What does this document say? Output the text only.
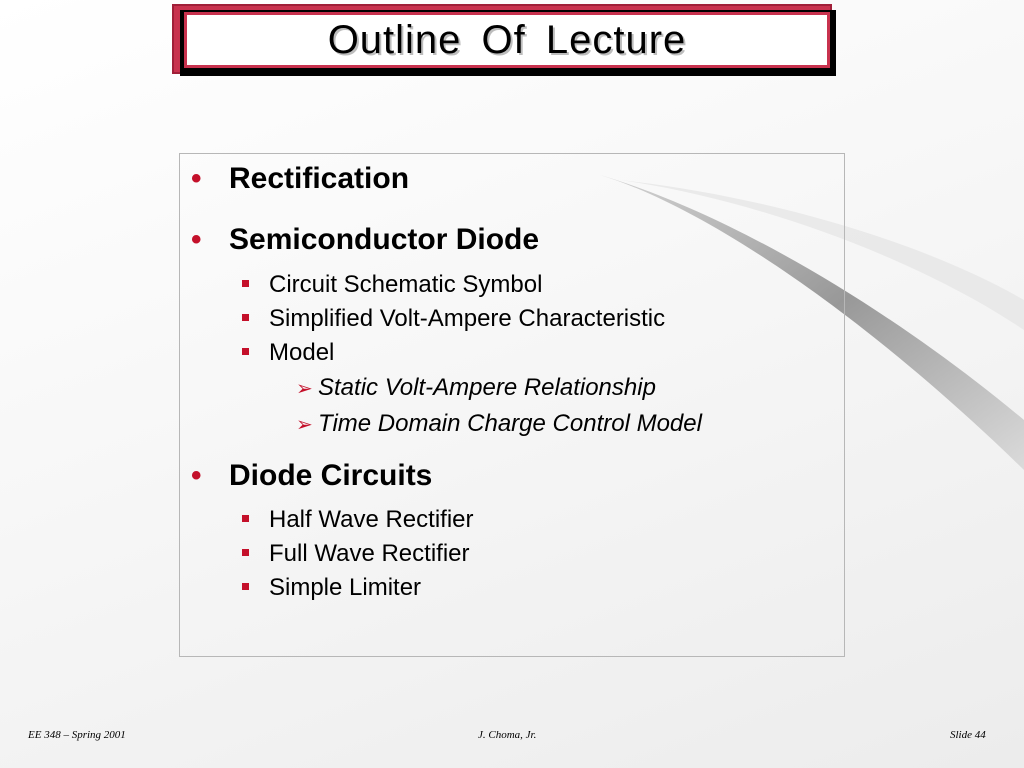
Outline Of Lecture
• Rectification
• Semiconductor Diode
Circuit Schematic Symbol
Simplified Volt-Ampere Characteristic
Model
➢ Static Volt-Ampere Relationship
➢ Time Domain Charge Control Model
• Diode Circuits
Half Wave Rectifier
Full Wave Rectifier
Simple Limiter
EE 348 – Spring 2001	J. Choma, Jr.	Slide 44
